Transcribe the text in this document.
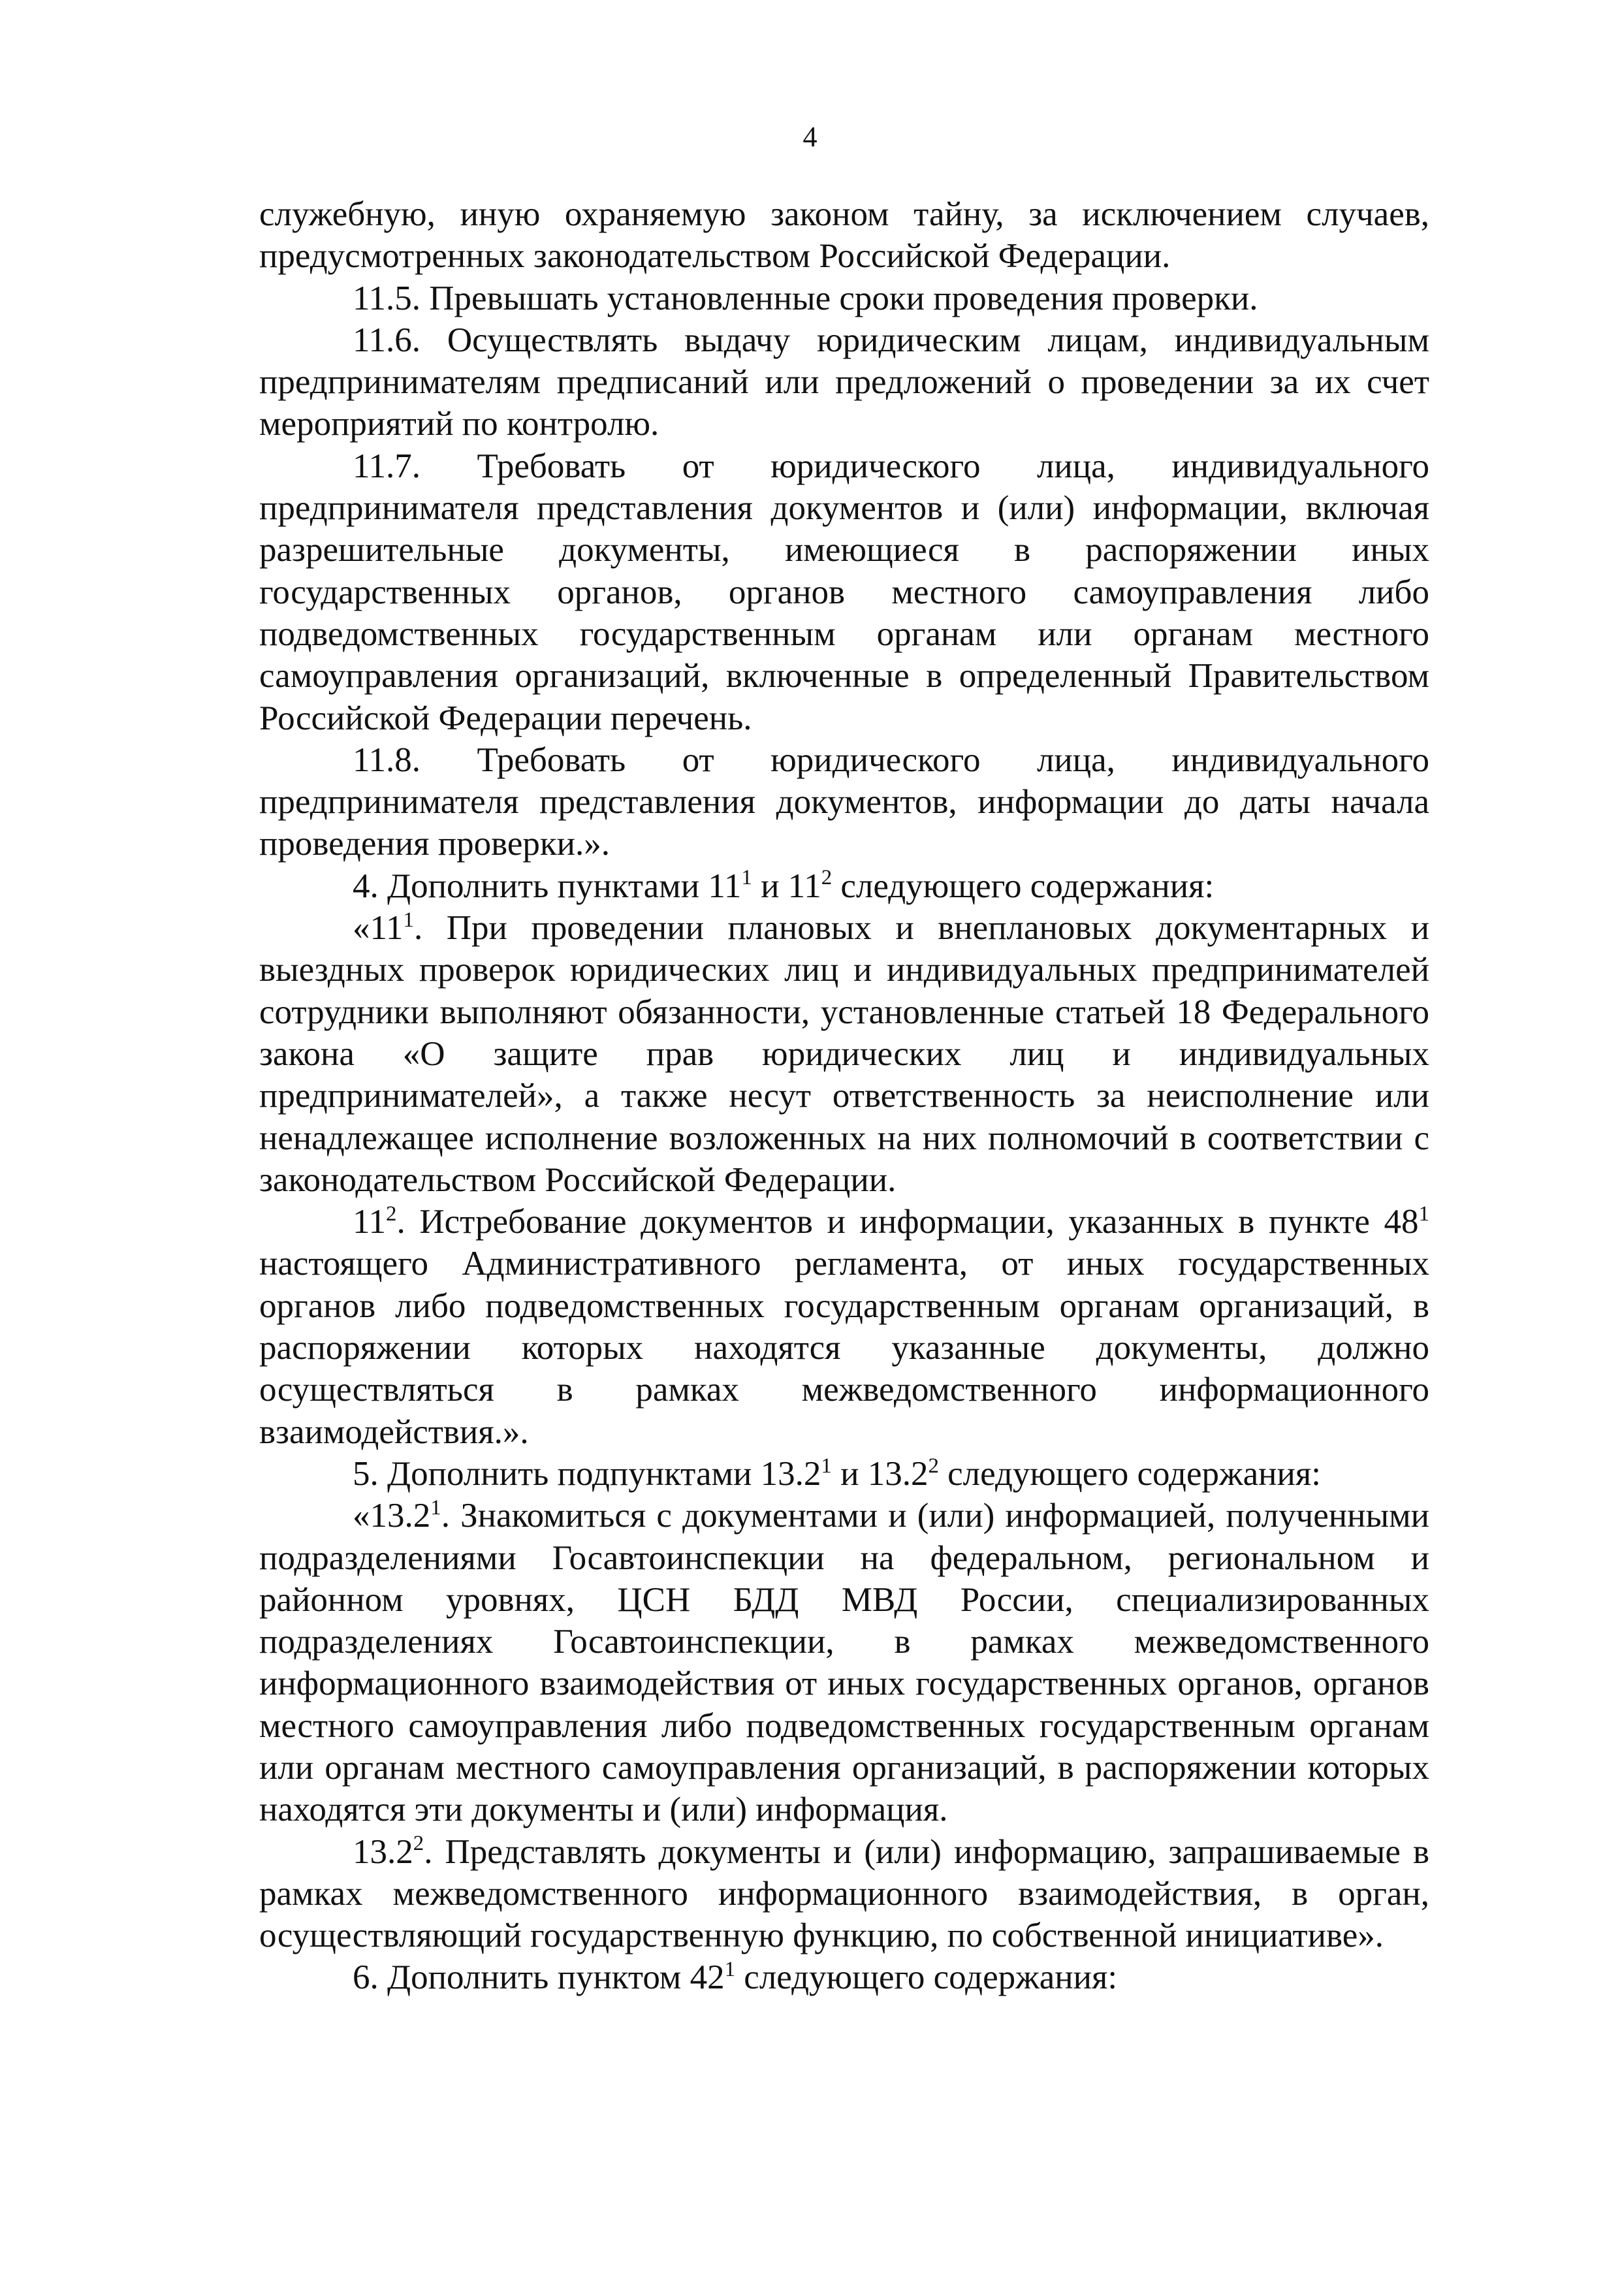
4

служебную, иную охраняемую законом тайну, за исключением случаев, предусмотренных законодательством Российской Федерации.

11.5. Превышать установленные сроки проведения проверки.

11.6. Осуществлять выдачу юридическим лицам, индивидуальным предпринимателям предписаний или предложений о проведении за их счет мероприятий по контролю.

11.7. Требовать от юридического лица, индивидуального предпринимателя представления документов и (или) информации, включая разрешительные документы, имеющиеся в распоряжении иных государственных органов, органов местного самоуправления либо подведомственных государственным органам или органам местного самоуправления организаций, включенные в определенный Правительством Российской Федерации перечень.

11.8. Требовать от юридического лица, индивидуального предпринимателя представления документов, информации до даты начала проведения проверки.».

4. Дополнить пунктами $11^1$ и $11^2$ следующего содержания:

«$11^1$. При проведении плановых и внеплановых документарных и выездных проверок юридических лиц и индивидуальных предпринимателей сотрудники выполняют обязанности, установленные статьей 18 Федерального закона «О защите прав юридических лиц и индивидуальных предпринимателей», а также несут ответственность за неисполнение или ненадлежащее исполнение возложенных на них полномочий в соответствии с законодательством Российской Федерации.

$11^2$. Истребование документов и информации, указанных в пункте $48^1$ настоящего Административного регламента, от иных государственных органов либо подведомственных государственным органам организаций, в распоряжении которых находятся указанные документы, должно осуществляться в рамках межведомственного информационного взаимодействия.».

5. Дополнить подпунктами 13.2$^1$ и 13.2$^2$ следующего содержания:

«13.2$^1$. Знакомиться с документами и (или) информацией, полученными подразделениями Госавтоинспекции на федеральном, региональном и районном уровнях, ЦСН БДД МВД России, специализированных подразделениях Госавтоинспекции, в рамках межведомственного информационного взаимодействия от иных государственных органов, органов местного самоуправления либо подведомственных государственным органам или органам местного самоуправления организаций, в распоряжении которых находятся эти документы и (или) информация.

13.2$^2$. Представлять документы и (или) информацию, запрашиваемые в рамках межведомственного информационного взаимодействия, в орган, осуществляющий государственную функцию, по собственной инициативе».

6. Дополнить пунктом $42^1$ следующего содержания:
